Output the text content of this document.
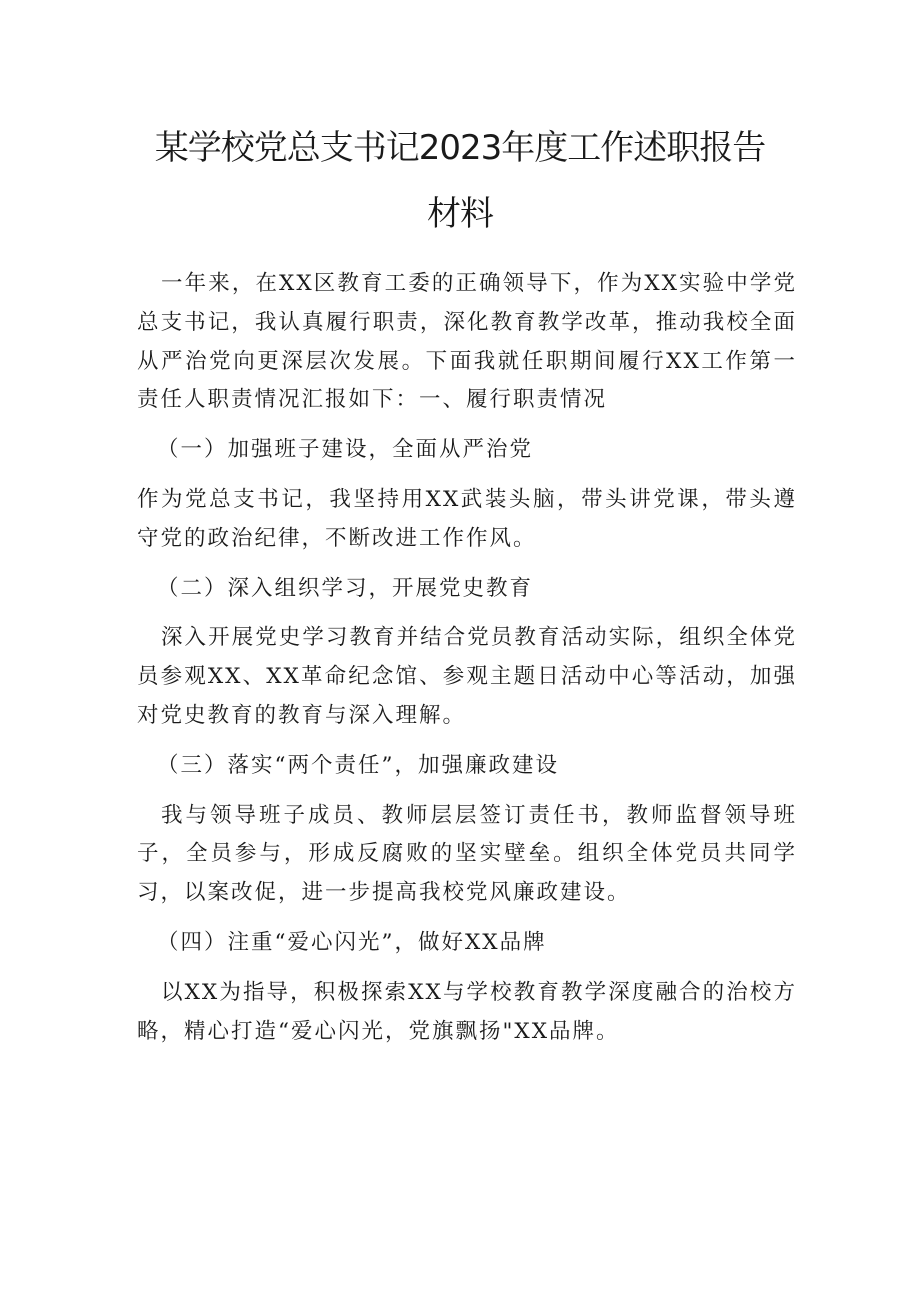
某学校党总支书记2023年度工作述职报告
材料

一年来，在XX区教育工委的正确领导下，作为XX实验中学党总支书记，我认真履行职责，深化教育教学改革，推动我校全面从严治党向更深层次发展。下面我就任职期间履行XX工作第一责任人职责情况汇报如下：一、履行职责情况

（一）加强班子建设，全面从严治党

作为党总支书记，我坚持用XX武装头脑，带头讲党课，带头遵守党的政治纪律，不断改进工作作风。

（二）深入组织学习，开展党史教育

深入开展党史学习教育并结合党员教育活动实际，组织全体党员参观XX、XX革命纪念馆、参观主题日活动中心等活动，加强对党史教育的教育与深入理解。

（三）落实“两个责任”，加强廉政建设

我与领导班子成员、教师层层签订责任书，教师监督领导班子，全员参与，形成反腐败的坚实壁垒。组织全体党员共同学习，以案改促，进一步提高我校党风廉政建设。

（四）注重“爱心闪光”，做好XX品牌

以XX为指导，积极探索XX与学校教育教学深度融合的治校方略，精心打造“爱心闪光，党旗飘扬"XX品牌。
